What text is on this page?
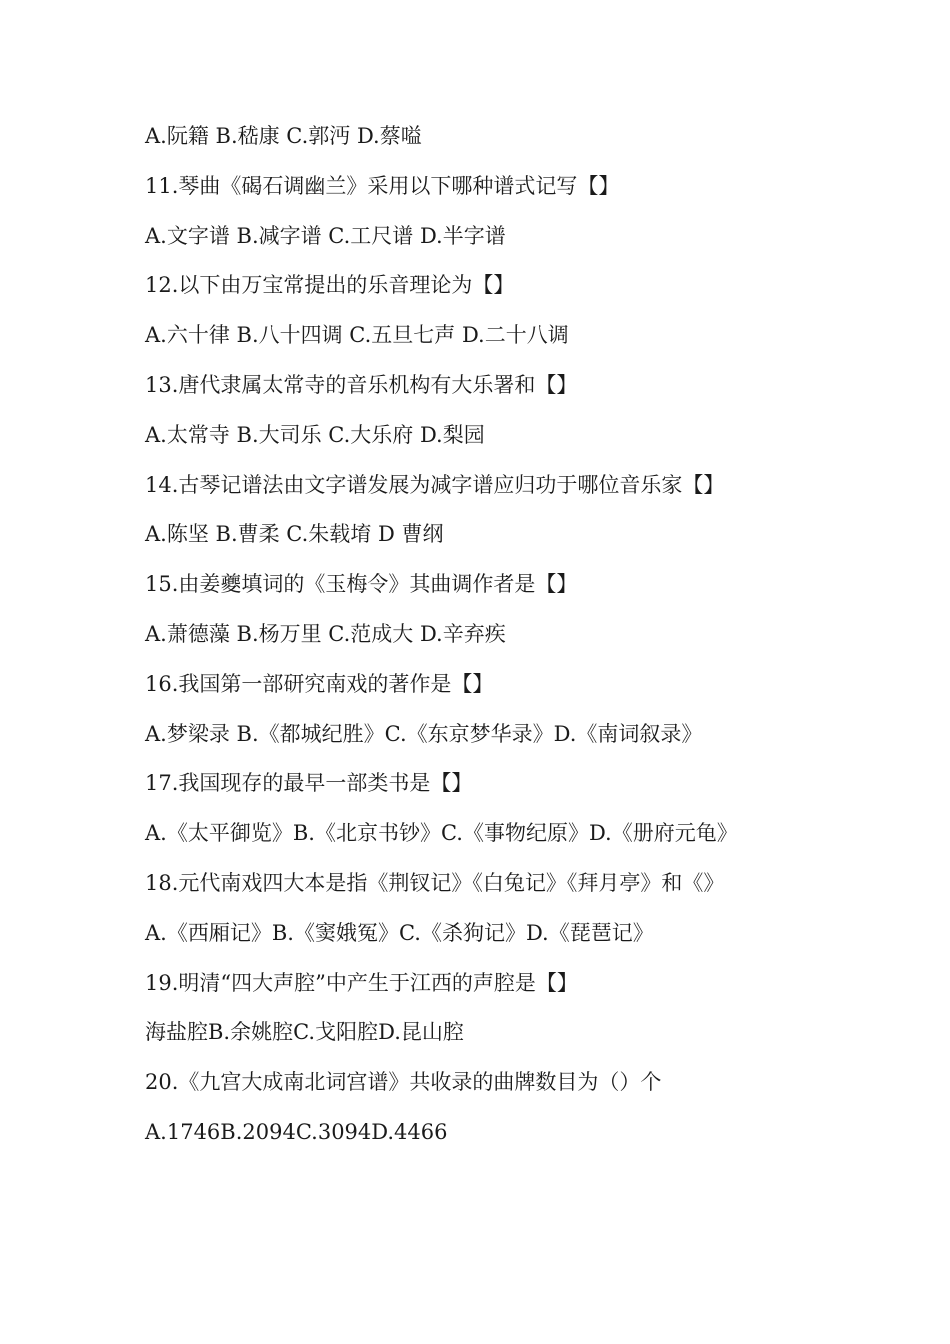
A.阮籍 B.嵇康 C.郭沔 D.蔡嗌
11.琴曲《碣石调幽兰》采用以下哪种谱式记写【】
A.文字谱 B.减字谱 C.工尺谱 D.半字谱
12.以下由万宝常提出的乐音理论为【】
A.六十律 B.八十四调 C.五旦七声 D.二十八调
13.唐代隶属太常寺的音乐机构有大乐署和【】
A.太常寺 B.大司乐 C.大乐府 D.梨园
14.古琴记谱法由文字谱发展为减字谱应归功于哪位音乐家【】
A.陈坚 B.曹柔 C.朱载堉 D 曹纲
15.由姜夔填词的《玉梅令》其曲调作者是【】
A.萧德藻 B.杨万里 C.范成大 D.辛弃疾
16.我国第一部研究南戏的著作是【】
A.梦梁录 B.《都城纪胜》C.《东京梦华录》D.《南词叙录》
17.我国现存的最早一部类书是【】
A.《太平御览》B.《北京书钞》C.《事物纪原》D.《册府元龟》
18.元代南戏四大本是指《荆钗记》《白兔记》《拜月亭》和《》
A.《西厢记》B.《窦娥冤》C.《杀狗记》D.《琵琶记》
19.明清“四大声腔”中产生于江西的声腔是【】
海盐腔B.余姚腔C.戈阳腔D.昆山腔
20.《九宫大成南北词宫谱》共收录的曲牌数目为（）个
A.1746B.2094C.3094D.4466
